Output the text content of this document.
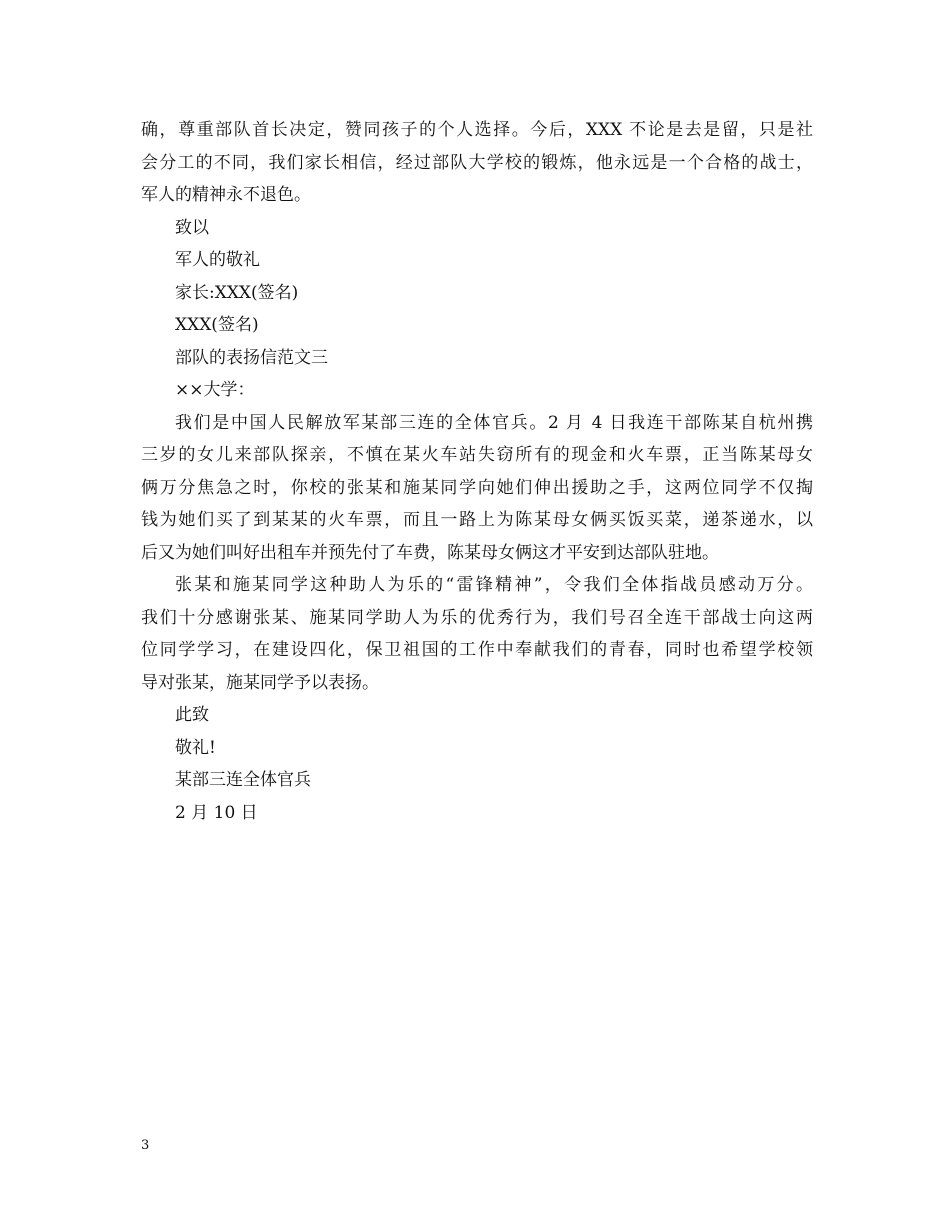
确，尊重部队首长决定，赞同孩子的个人选择。今后，XXX 不论是去是留，只是社
会分工的不同，我们家长相信，经过部队大学校的锻炼，他永远是一个合格的战士，
军人的精神永不退色。
致以
军人的敬礼
家长:XXX(签名)
XXX(签名)
部队的表扬信范文三
××大学：
我们是中国人民解放军某部三连的全体官兵。2 月 4 日我连干部陈某自杭州携
三岁的女儿来部队探亲，不慎在某火车站失窃所有的现金和火车票，正当陈某母女
俩万分焦急之时，你校的张某和施某同学向她们伸出援助之手，这两位同学不仅掏
钱为她们买了到某某的火车票，而且一路上为陈某母女俩买饭买菜，递茶递水，以
后又为她们叫好出租车并预先付了车费，陈某母女俩这才平安到达部队驻地。
张某和施某同学这种助人为乐的“雷锋精神”，令我们全体指战员感动万分。
我们十分感谢张某、施某同学助人为乐的优秀行为，我们号召全连干部战士向这两
位同学学习，在建设四化，保卫祖国的工作中奉献我们的青春，同时也希望学校领
导对张某，施某同学予以表扬。
此致
敬礼!
某部三连全体官兵
2 月 10 日
3
